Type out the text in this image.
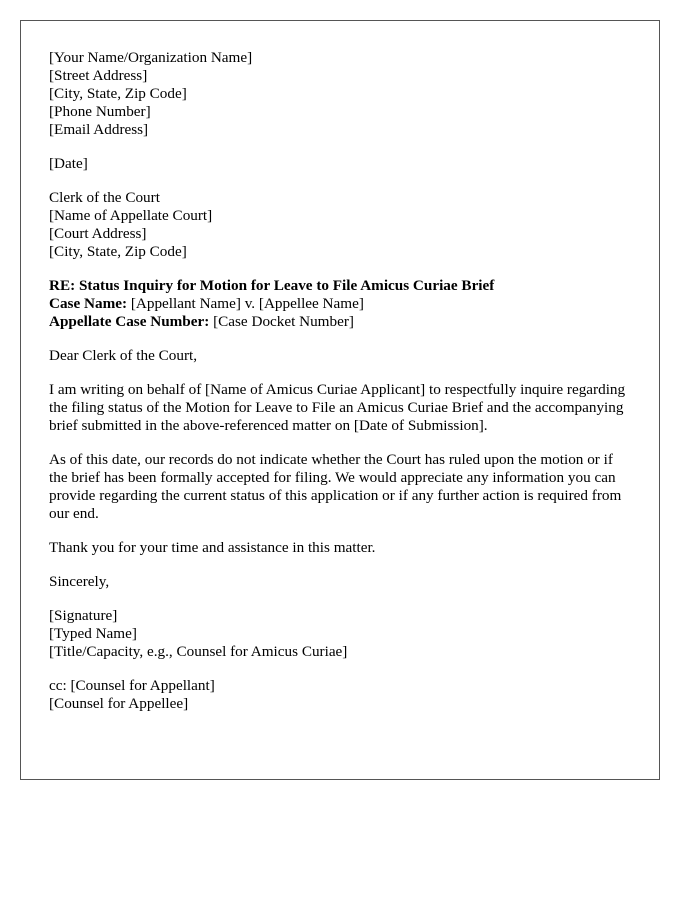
[Your Name/Organization Name]
[Street Address]
[City, State, Zip Code]
[Phone Number]
[Email Address]
[Date]
Clerk of the Court
[Name of Appellate Court]
[Court Address]
[City, State, Zip Code]
RE: Status Inquiry for Motion for Leave to File Amicus Curiae Brief
Case Name: [Appellant Name] v. [Appellee Name]
Appellate Case Number: [Case Docket Number]

Dear Clerk of the Court,

I am writing on behalf of [Name of Amicus Curiae Applicant] to respectfully inquire regarding the filing status of the Motion for Leave to File an Amicus Curiae Brief and the accompanying brief submitted in the above-referenced matter on [Date of Submission].

As of this date, our records do not indicate whether the Court has ruled upon the motion or if the brief has been formally accepted for filing. We would appreciate any information you can provide regarding the current status of this application or if any further action is required from our end.

Thank you for your time and assistance in this matter.

Sincerely,

[Signature]
[Typed Name]
[Title/Capacity, e.g., Counsel for Amicus Curiae]
cc: [Counsel for Appellant]
[Counsel for Appellee]
